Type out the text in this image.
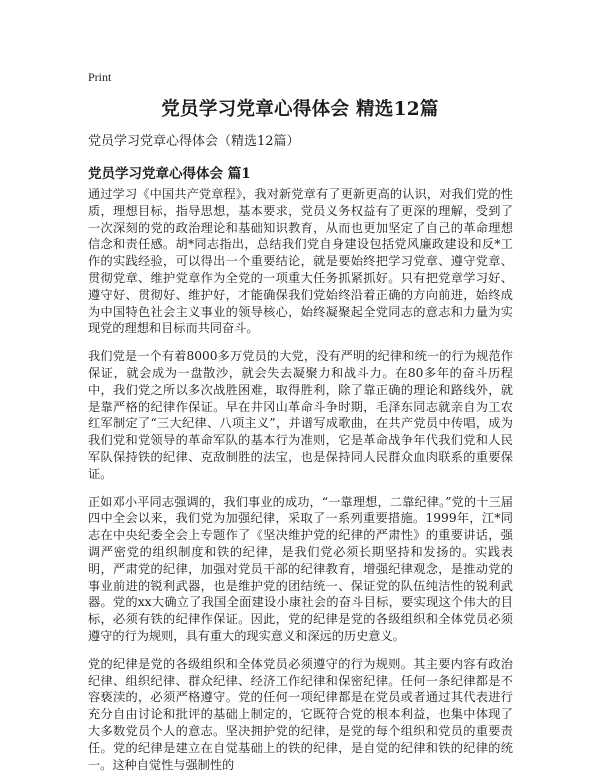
Print
党员学习党章心得体会 精选12篇

党员学习党章心得体会（精选12篇）

党员学习党章心得体会 篇1

通过学习《中国共产党章程》，我对新党章有了更新更高的认识，对我们党的性质，理想目标，指导思想，基本要求，党员义务权益有了更深的理解，受到了一次深刻的党的政治理论和基础知识教育，从而也更加坚定了自己的革命理想信念和责任感。胡*同志指出，总结我们党自身建设包括党风廉政建设和反*工作的实践经验，可以得出一个重要结论，就是要始终把学习党章、遵守党章、贯彻党章、维护党章作为全党的一项重大任务抓紧抓好。只有把党章学习好、遵守好、贯彻好、维护好，才能确保我们党始终沿着正确的方向前进，始终成为中国特色社会主义事业的领导核心，始终凝聚起全党同志的意志和力量为实现党的理想和目标而共同奋斗。

我们党是一个有着8000多万党员的大党，没有严明的纪律和统一的行为规范作保证，就会成为一盘散沙，就会失去凝聚力和战斗力。在80多年的奋斗历程中，我们党之所以多次战胜困难，取得胜利，除了靠正确的理论和路线外，就是靠严格的纪律作保证。早在井冈山革命斗争时期，毛泽东同志就亲自为工农红军制定了“三大纪律、八项主义”，并谱写成歌曲，在共产党员中传唱，成为我们党和党领导的革命军队的基本行为准则，它是革命战争年代我们党和人民军队保持铁的纪律、克敌制胜的法宝，也是保持同人民群众血肉联系的重要保证。

正如邓小平同志强调的，我们事业的成功，“一靠理想，二靠纪律。”党的十三届四中全会以来，我们党为加强纪律，采取了一系列重要措施。1999年，江*同志在中央纪委全会上专题作了《坚决维护党的纪律的严肃性》的重要讲话，强调严密党的组织制度和铁的纪律，是我们党必须长期坚持和发扬的。实践表明，严肃党的纪律，加强对党员干部的纪律教育，增强纪律观念，是推动党的事业前进的锐利武器，也是维护党的团结统一、保证党的队伍纯洁性的锐利武器。党的xx大确立了我国全面建设小康社会的奋斗目标，要实现这个伟大的目标，必须有铁的纪律作保证。因此，党的纪律是党的各级组织和全体党员必须遵守的行为规则，具有重大的现实意义和深远的历史意义。

党的纪律是党的各级组织和全体党员必须遵守的行为规则。其主要内容有政治纪律、组织纪律、群众纪律、经济工作纪律和保密纪律。任何一条纪律都是不容亵渎的，必须严格遵守。党的任何一项纪律都是在党员或者通过其代表进行充分自由讨论和批评的基础上制定的，它既符合党的根本利益，也集中体现了大多数党员个人的意志。坚决拥护党的纪律，是党的每个组织和党员的重要责任。党的纪律是建立在自觉基础上的铁的纪律，是自觉的纪律和铁的纪律的统一。这种自觉性与强制性的
